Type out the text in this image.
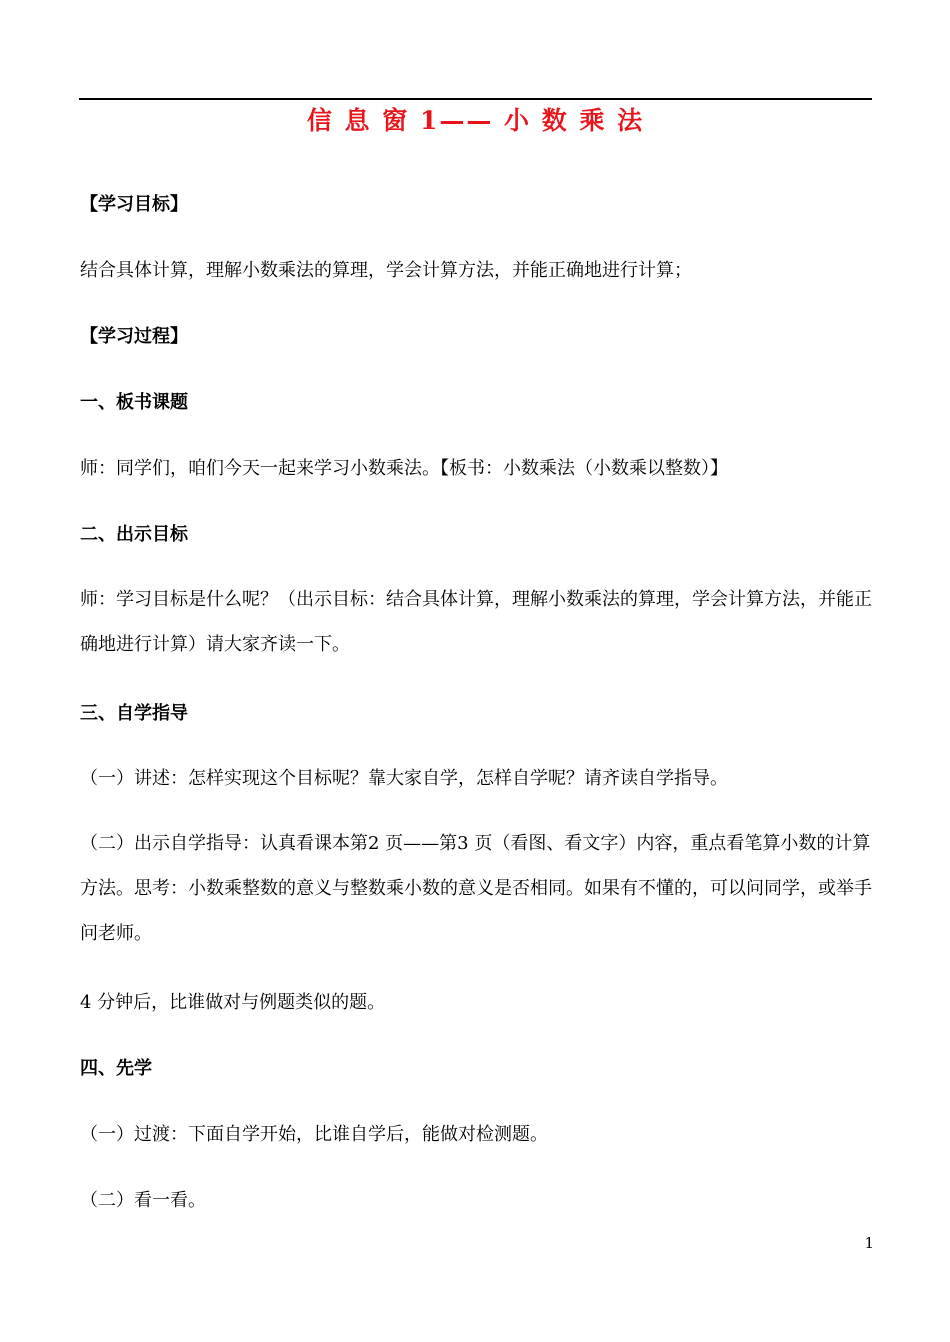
信 息 窗 1—— 小 数 乘 法
【学习目标】
结合具体计算，理解小数乘法的算理，学会计算方法，并能正确地进行计算；
【学习过程】
一、板书课题
师：同学们，咱们今天一起来学习小数乘法。【板书：小数乘法（小数乘以整数）】
二、出示目标
师：学习目标是什么呢？（出示目标：结合具体计算，理解小数乘法的算理，学会计算方法，并能正确地进行计算）请大家齐读一下。
三、自学指导
（一）讲述：怎样实现这个目标呢？靠大家自学，怎样自学呢？请齐读自学指导。
（二）出示自学指导：认真看课本第2 页——第3 页（看图、看文字）内容，重点看笔算小数的计算方法。思考：小数乘整数的意义与整数乘小数的意义是否相同。如果有不懂的，可以问同学，或举手问老师。
4 分钟后，比谁做对与例题类似的题。
四、先学
（一）过渡：下面自学开始，比谁自学后，能做对检测题。
（二）看一看。
1
